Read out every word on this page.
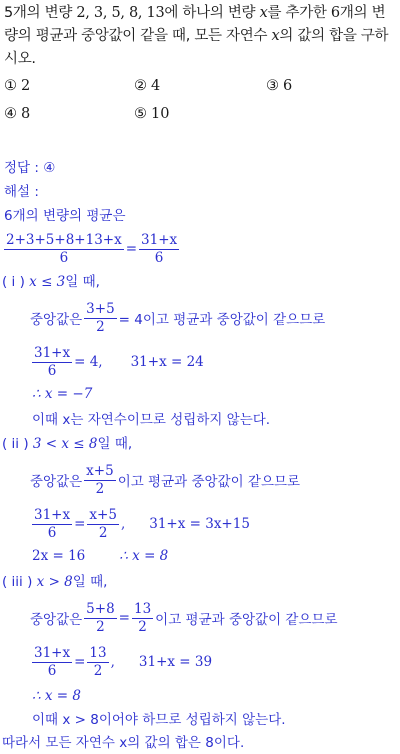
5개의 변량 2, 3, 5, 8, 13에 하나의 변량 x를 추가한 6개의 변량의 평균과 중앙값이 같을 때, 모든 자연수 x의 값의 합을 구하시오.
① 2	② 4	③ 6
④ 8	⑤ 10
정답 : ④
해설 :
6개의 변량의 평균은
$\frac{2+3+5+8+13+x}{6} = \frac{31+x}{6}$
( i ) x ≤ 3일 때,
중앙값은 $\frac{3+5}{2} = 4$이고 평균과 중앙값이 같으므로
$\frac{31+x}{6} = 4$, 31+x = 24
∴ x = −7
이때 x는 자연수이므로 성립하지 않는다.
( ii ) 3 < x ≤ 8일 때,
중앙값은 $\frac{x+5}{2}$ 이고 평균과 중앙값이 같으므로
$\frac{31+x}{6} = \frac{x+5}{2}$ , 31+x = 3x+15
2x = 16	∴ x = 8
( iii ) x > 8일 때,
중앙값은 $\frac{5+8}{2} = \frac{13}{2}$ 이고 평균과 중앙값이 같으므로
$\frac{31+x}{6} = \frac{13}{2}$ , 31+x = 39
∴ x = 8
이때 x > 8이어야 하므로 성립하지 않는다.
따라서 모든 자연수 x의 값의 합은 8이다.
